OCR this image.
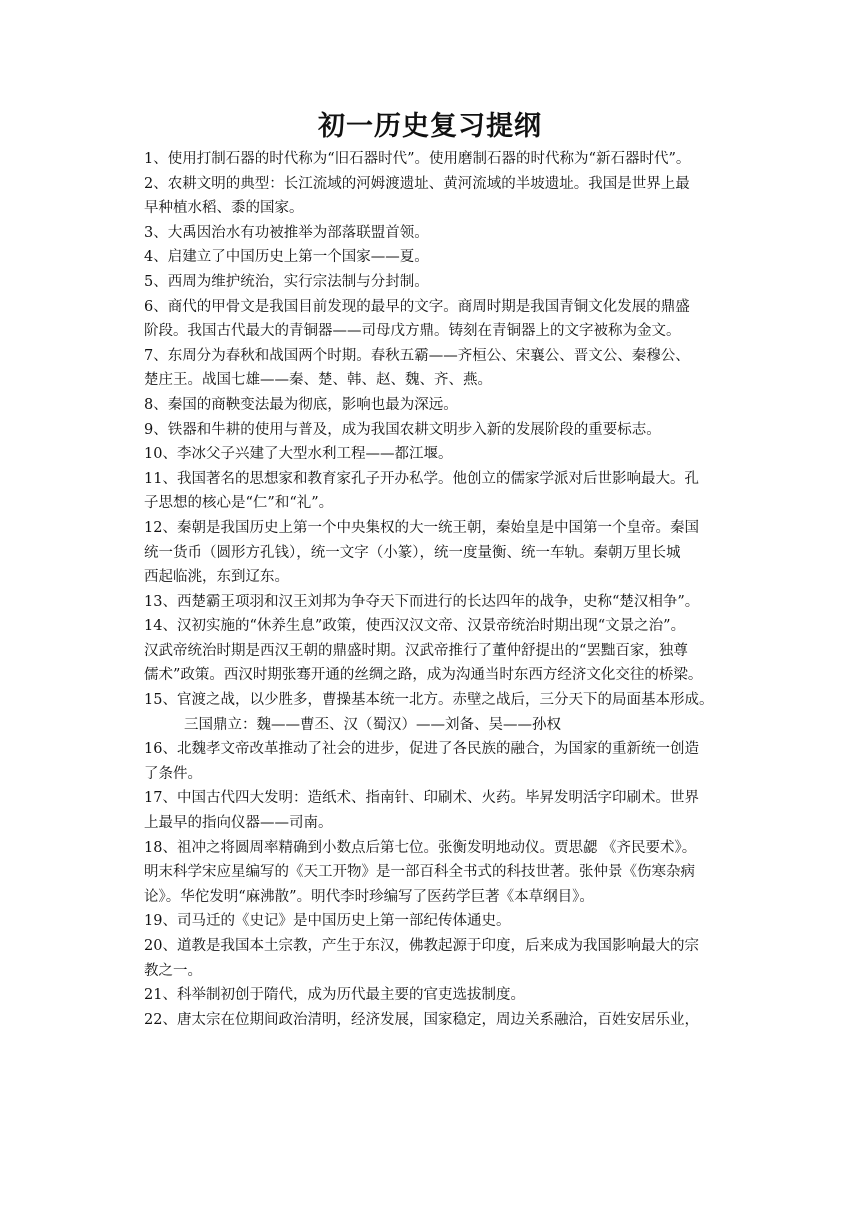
初一历史复习提纲
1、使用打制石器的时代称为“旧石器时代”。使用磨制石器的时代称为“新石器时代”。
2、农耕文明的典型：长江流域的河姆渡遗址、黄河流域的半坡遗址。我国是世界上最
早种植水稻、黍的国家。
3、大禹因治水有功被推举为部落联盟首领。
4、启建立了中国历史上第一个国家——夏。
5、西周为维护统治，实行宗法制与分封制。
6、商代的甲骨文是我国目前发现的最早的文字。商周时期是我国青铜文化发展的鼎盛
阶段。我国古代最大的青铜器——司母戊方鼎。铸刻在青铜器上的文字被称为金文。
7、东周分为春秋和战国两个时期。春秋五霸——齐桓公、宋襄公、晋文公、秦穆公、
楚庄王。战国七雄——秦、楚、韩、赵、魏、齐、燕。
8、秦国的商鞅变法最为彻底，影响也最为深远。
9、铁器和牛耕的使用与普及，成为我国农耕文明步入新的发展阶段的重要标志。
10、李冰父子兴建了大型水利工程——都江堰。
11、我国著名的思想家和教育家孔子开办私学。他创立的儒家学派对后世影响最大。孔
子思想的核心是“仁”和“礼”。
12、秦朝是我国历史上第一个中央集权的大一统王朝，秦始皇是中国第一个皇帝。秦国
统一货币（圆形方孔钱），统一文字（小篆），统一度量衡、统一车轨。秦朝万里长城
西起临洮，东到辽东。
13、西楚霸王项羽和汉王刘邦为争夺天下而进行的长达四年的战争，史称“楚汉相争”。
14、汉初实施的“休养生息”政策，使西汉汉文帝、汉景帝统治时期出现“文景之治”。
汉武帝统治时期是西汉王朝的鼎盛时期。汉武帝推行了董仲舒提出的“罢黜百家，独尊
儒术”政策。西汉时期张骞开通的丝绸之路，成为沟通当时东西方经济文化交往的桥梁。
15、官渡之战，以少胜多，曹操基本统一北方。赤壁之战后，三分天下的局面基本形成。
三国鼎立：魏——曹丕、汉（蜀汉）——刘备、吴——孙权
16、北魏孝文帝改革推动了社会的进步，促进了各民族的融合，为国家的重新统一创造
了条件。
17、中国古代四大发明：造纸术、指南针、印刷术、火药。毕昇发明活字印刷术。世界
上最早的指向仪器——司南。
18、祖冲之将圆周率精确到小数点后第七位。张衡发明地动仪。贾思勰 《齐民要术》。
明末科学宋应星编写的《天工开物》是一部百科全书式的科技世著。张仲景《伤寒杂病
论》。华佗发明“麻沸散”。明代李时珍编写了医药学巨著《本草纲目》。
19、司马迁的《史记》是中国历史上第一部纪传体通史。
20、道教是我国本土宗教，产生于东汉，佛教起源于印度，后来成为我国影响最大的宗
教之一。
21、科举制初创于隋代，成为历代最主要的官吏选拔制度。
22、唐太宗在位期间政治清明，经济发展，国家稳定，周边关系融洽，百姓安居乐业，
